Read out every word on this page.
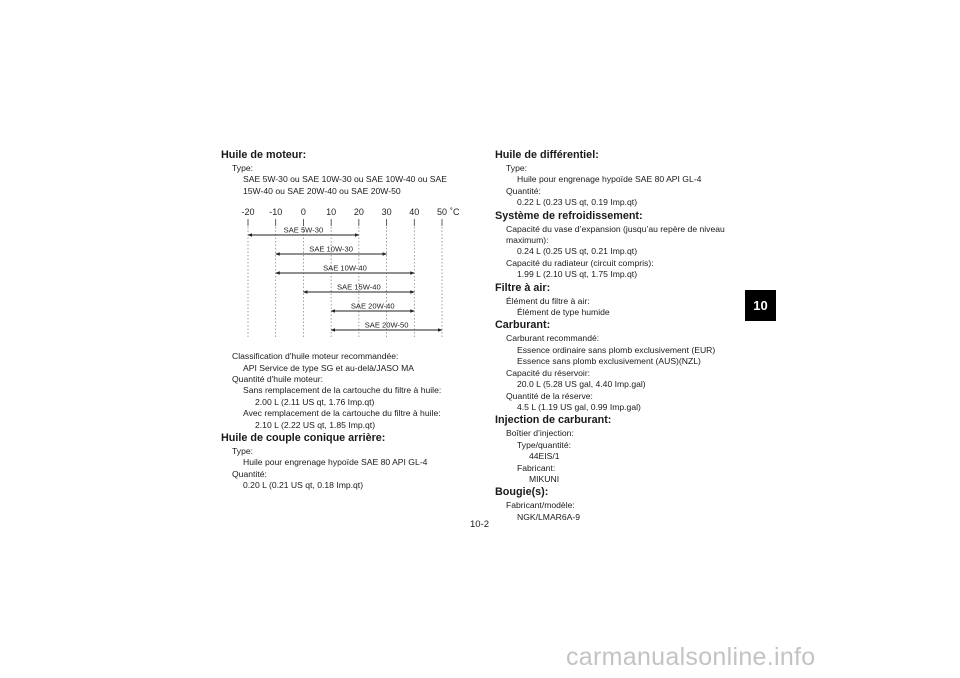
Huile de moteur:
Type:
SAE 5W-30 ou SAE 10W-30 ou SAE 10W-40 ou SAE
15W-40 ou SAE 20W-40 ou SAE 20W-50
-20 -10 0 10 20 30 40 50 ˚C
SAE 5W-30
SAE 10W-30
SAE 10W-40
SAE 15W-40
SAE 20W-40
SAE 20W-50
Classification d'huile moteur recommandée:
API Service de type SG et au-delà/JASO MA
Quantité d'huile moteur:
Sans remplacement de la cartouche du filtre à huile:
2.00 L (2.11 US qt, 1.76 Imp.qt)
Avec remplacement de la cartouche du filtre à huile:
2.10 L (2.22 US qt, 1.85 Imp.qt)
Huile de couple conique arrière:
Type:
Huile pour engrenage hypoïde SAE 80 API GL-4
Quantité:
0.20 L (0.21 US qt, 0.18 Imp.qt)
Huile de différentiel:
Type:
Huile pour engrenage hypoïde SAE 80 API GL-4
Quantité:
0.22 L (0.23 US qt, 0.19 Imp.qt)
Système de refroidissement:
Capacité du vase d’expansion (jusqu’au repère de niveau
maximum):
0.24 L (0.25 US qt, 0.21 Imp.qt)
Capacité du radiateur (circuit compris):
1.99 L (2.10 US qt, 1.75 Imp.qt)
Filtre à air:
Élément du filtre à air:
Élément de type humide
Carburant:
Carburant recommandé:
Essence ordinaire sans plomb exclusivement (EUR)
Essence sans plomb exclusivement (AUS)(NZL)
Capacité du réservoir:
20.0 L (5.28 US gal, 4.40 Imp.gal)
Quantité de la réserve:
4.5 L (1.19 US gal, 0.99 Imp.gal)
Injection de carburant:
Boîtier d’injection:
Type/quantité:
44EIS/1
Fabricant:
MIKUNI
Bougie(s):
Fabricant/modèle:
NGK/LMAR6A-9
10-2
10
carmanualsonline.info
